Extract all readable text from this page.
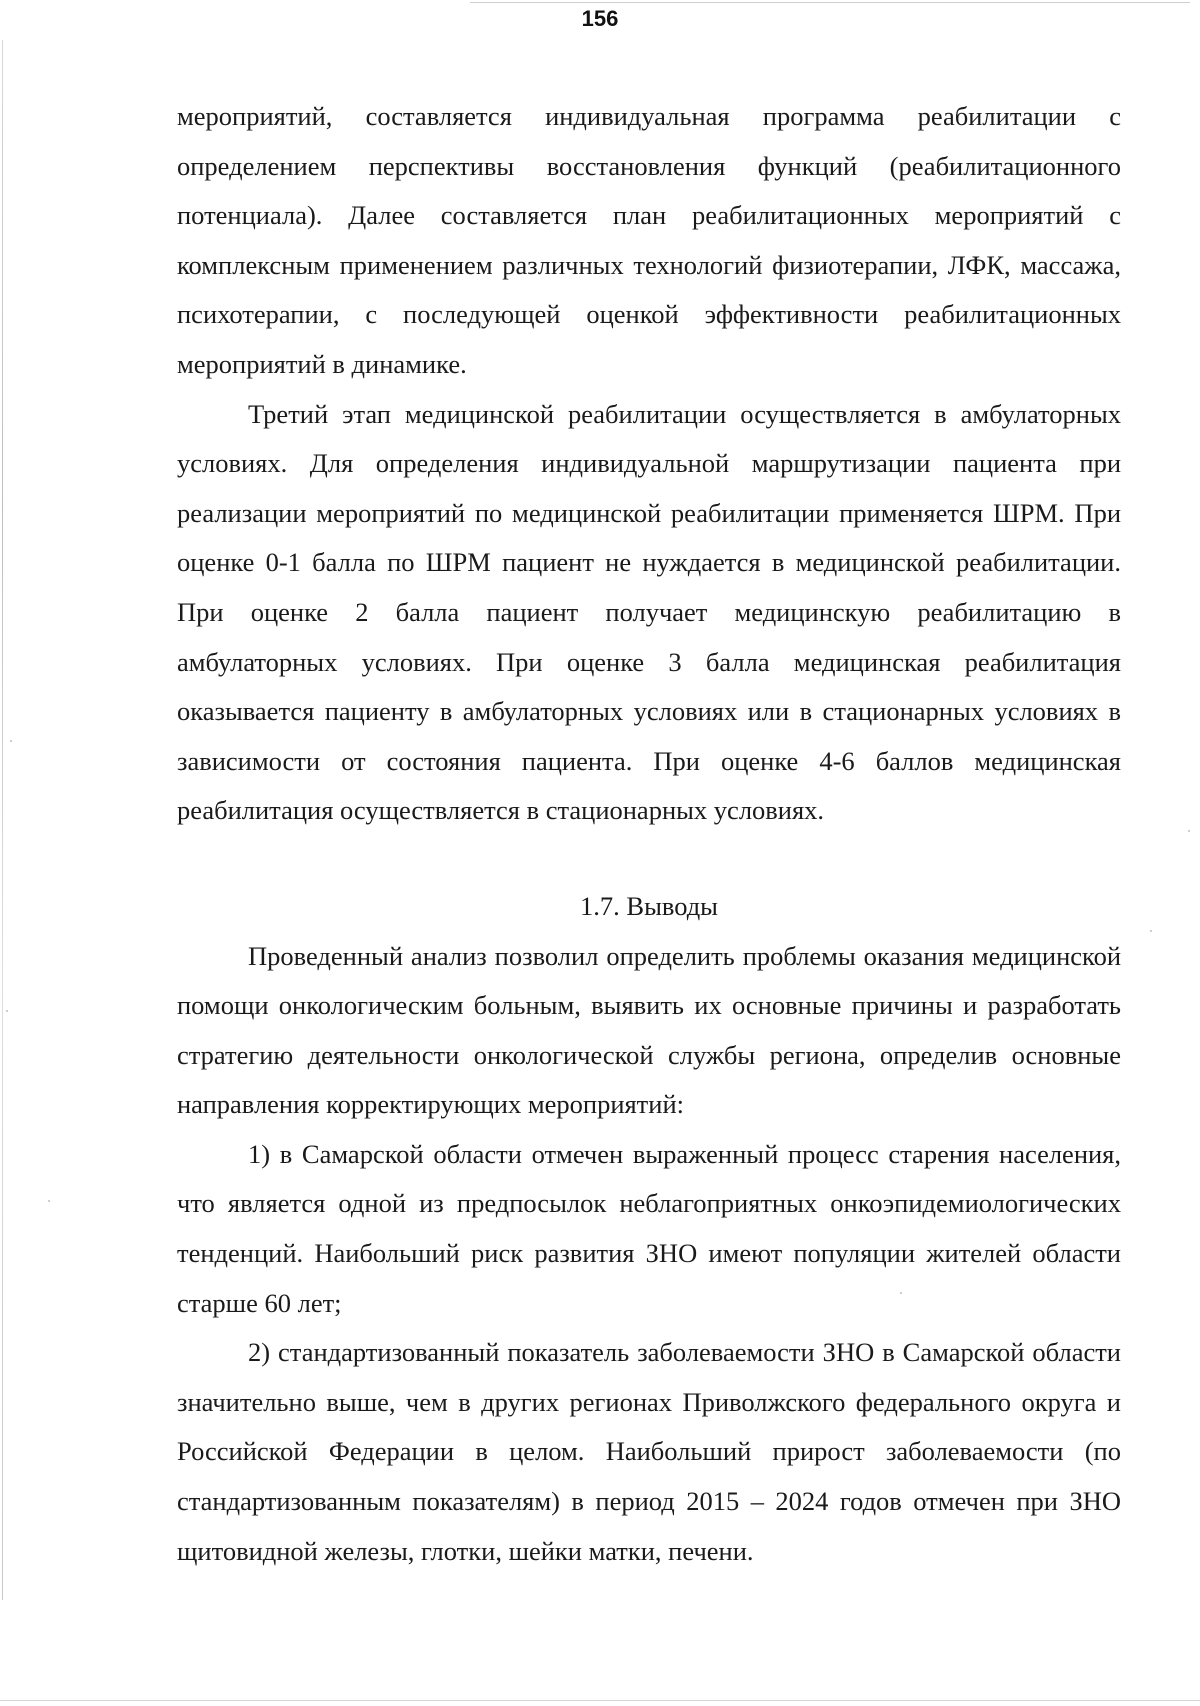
156

мероприятий, составляется индивидуальная программа реабилитации с определением перспективы восстановления функций (реабилитационного потенциала). Далее составляется план реабилитационных мероприятий с комплексным применением различных технологий физиотерапии, ЛФК, массажа, психотерапии, с последующей оценкой эффективности реабилитационных мероприятий в динамике.

Третий этап медицинской реабилитации осуществляется в амбулаторных условиях. Для определения индивидуальной маршрутизации пациента при реализации мероприятий по медицинской реабилитации применяется ШРМ. При оценке 0-1 балла по ШРМ пациент не нуждается в медицинской реабилитации. При оценке 2 балла пациент получает медицинскую реабилитацию в амбулаторных условиях. При оценке 3 балла медицинская реабилитация оказывается пациенту в амбулаторных условиях или в стационарных условиях в зависимости от состояния пациента. При оценке 4-6 баллов медицинская реабилитация осуществляется в стационарных условиях.

1.7. Выводы

Проведенный анализ позволил определить проблемы оказания медицинской помощи онкологическим больным, выявить их основные причины и разработать стратегию деятельности онкологической службы региона, определив основные направления корректирующих мероприятий:

1) в Самарской области отмечен выраженный процесс старения населения, что является одной из предпосылок неблагоприятных онкоэпидемиологических тенденций. Наибольший риск развития ЗНО имеют популяции жителей области старше 60 лет;

2) стандартизованный показатель заболеваемости ЗНО в Самарской области значительно выше, чем в других регионах Приволжского федерального округа и Российской Федерации в целом. Наибольший прирост заболеваемости (по стандартизованным показателям) в период 2015 – 2024 годов отмечен при ЗНО щитовидной железы, глотки, шейки матки, печени.
